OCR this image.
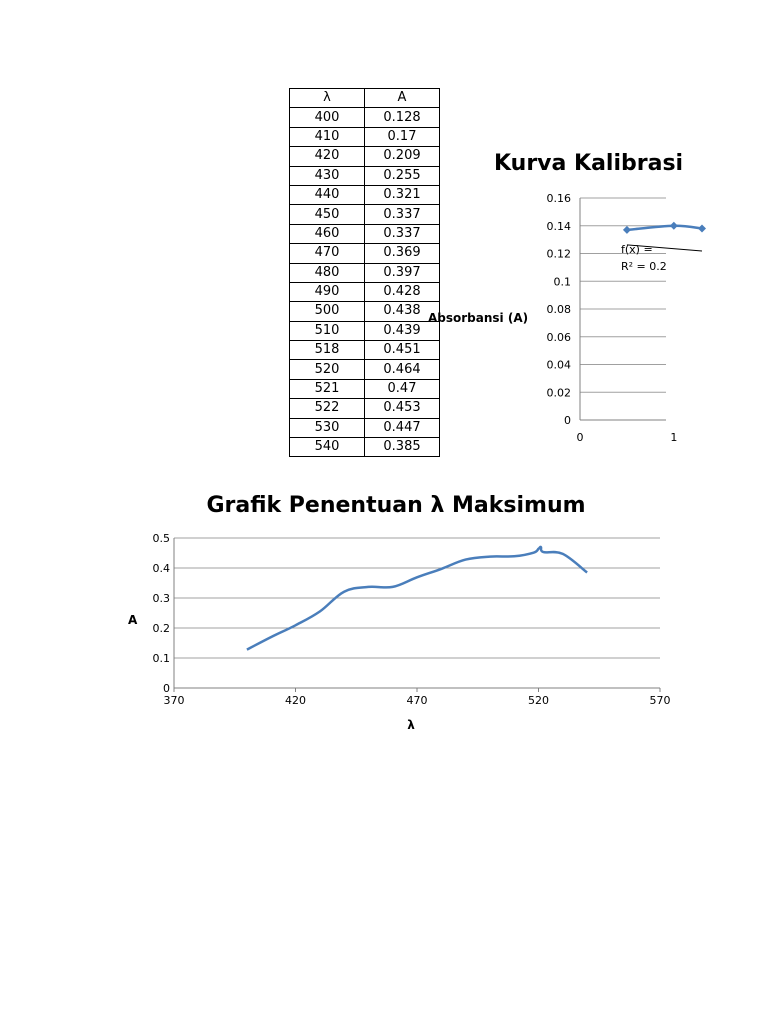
λ	A
400	0.128
410	0.17
420	0.209
430	0.255
440	0.321
450	0.337
460	0.337
470	0.369
480	0.397
490	0.428
500	0.438
510	0.439
518	0.451
520	0.464
521	0.47
522	0.453
530	0.447
540	0.385
Kurva Kalibrasi
0
0.02
0.04
0.06
0.08
0.1
0.12
0.14
0.16
0	1
Absorbansi (A)
f(x) =
R² = 0.2
Grafik Penentuan λ Maksimum
0
0.1
0.2
0.3
0.4
0.5
370	420	470	520	570
λ
A
